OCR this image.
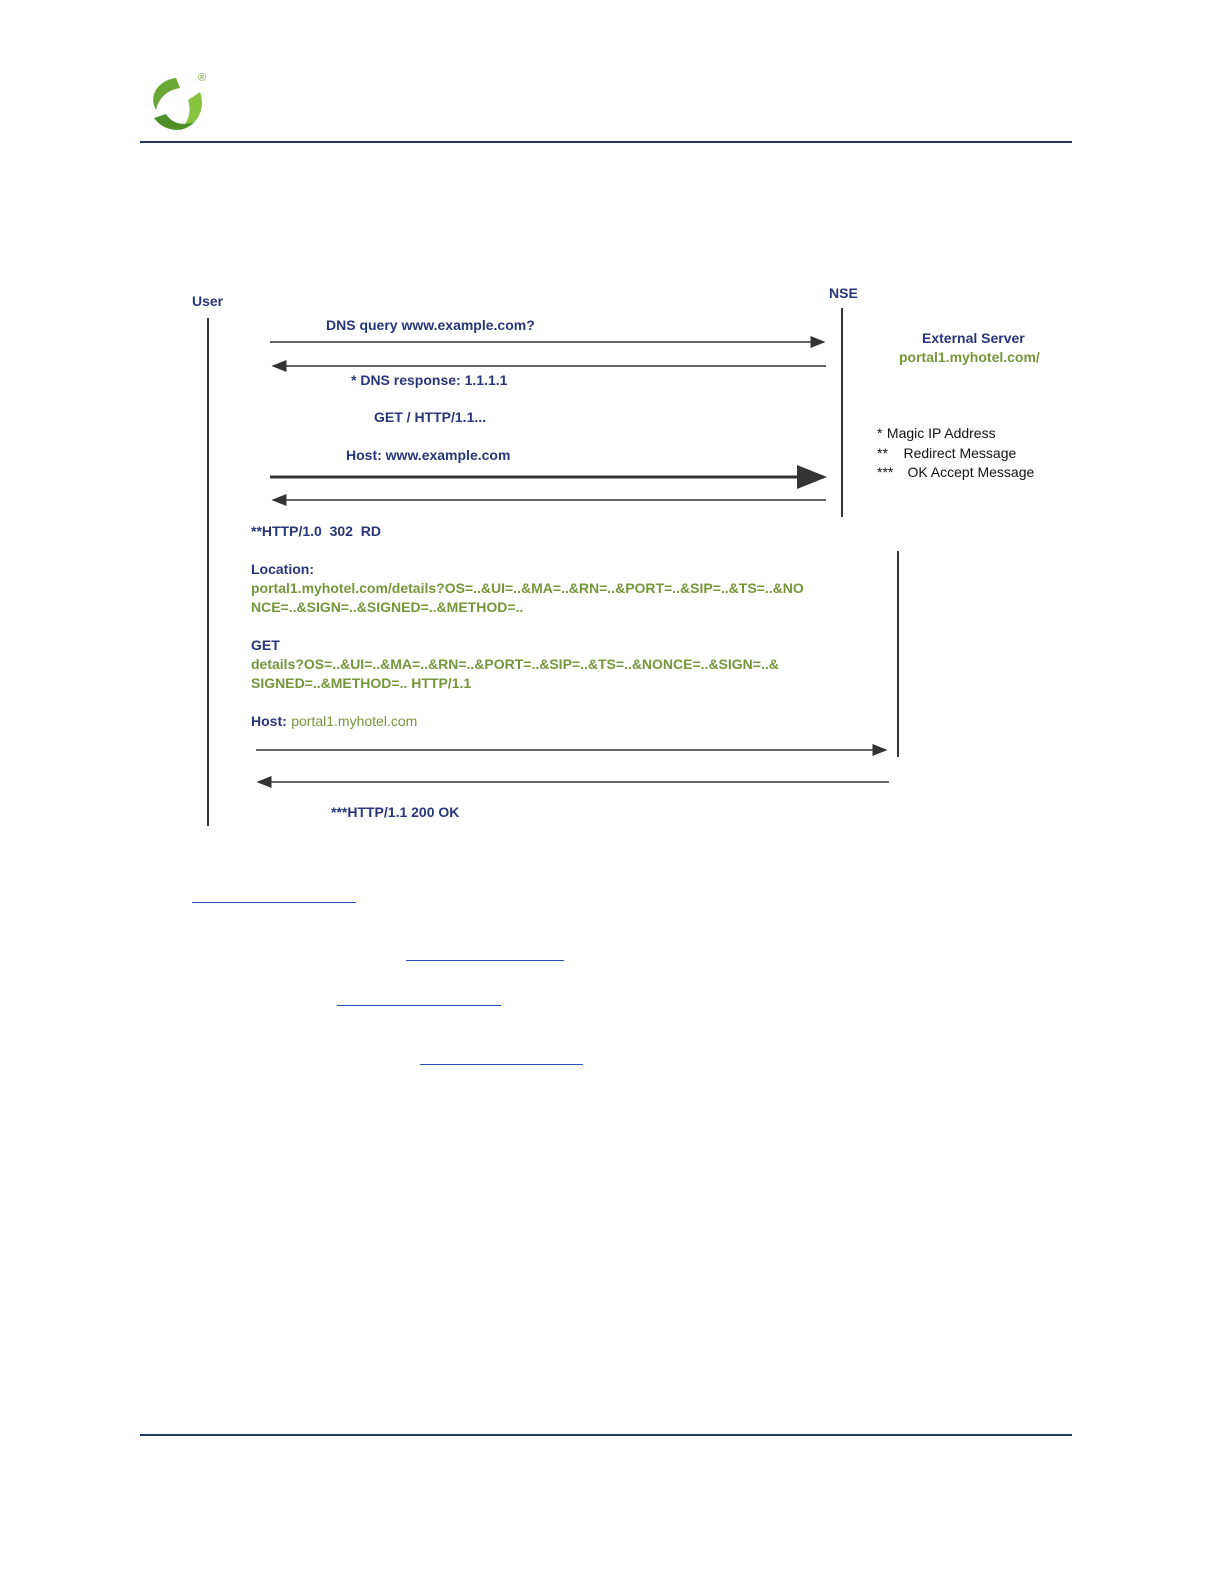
®
User	NSE
External Server
portal1.myhotel.com/
DNS query www.example.com?
* DNS response: 1.1.1.1
GET / HTTP/1.1...
Host: www.example.com
* Magic IP Address
** Redirect Message
*** OK Accept Message
**HTTP/1.0  302  RD
Location:
portal1.myhotel.com/details?OS=..&UI=..&MA=..&RN=..&PORT=..&SIP=..&TS=..&NO
NCE=..&SIGN=..&SIGNED=..&METHOD=..
GET
details?OS=..&UI=..&MA=..&RN=..&PORT=..&SIP=..&TS=..&NONCE=..&SIGN=..&
SIGNED=..&METHOD=.. HTTP/1.1
Host: portal1.myhotel.com
***HTTP/1.1 200 OK
